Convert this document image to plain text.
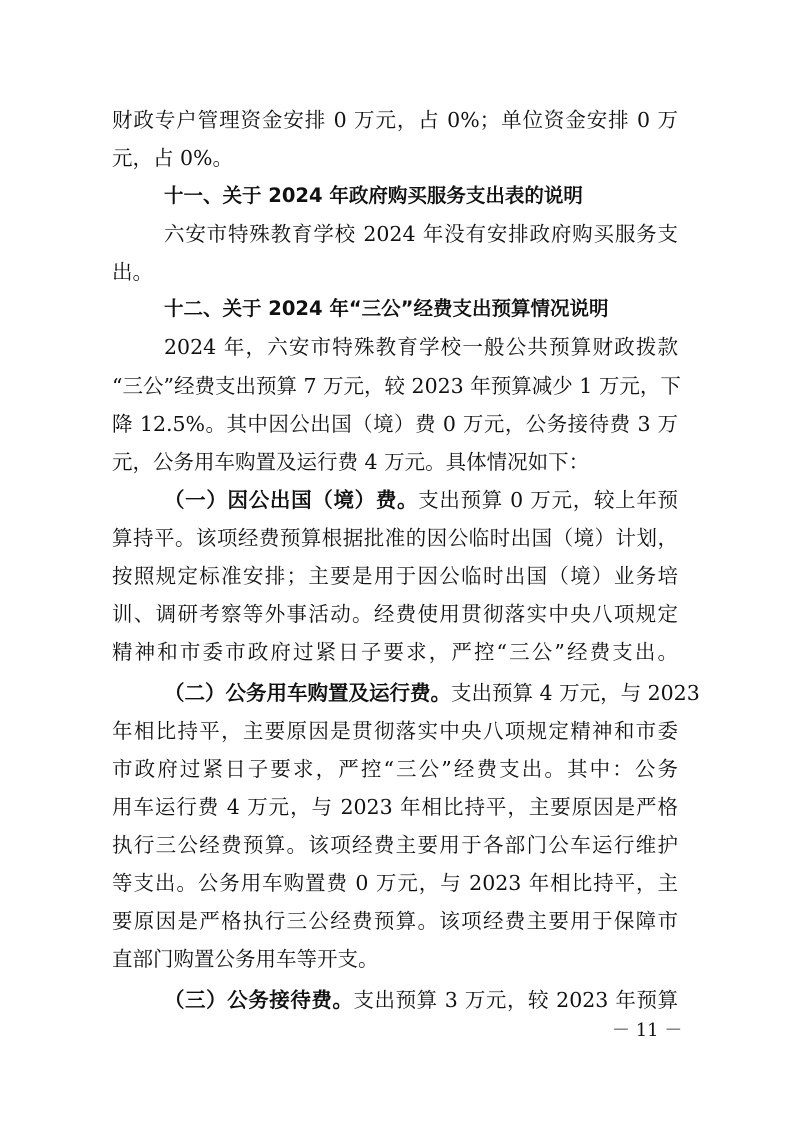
财政专户管理资金安排 0 万元，占 0%；单位资金安排 0 万
元，占 0%。
十一、关于 2024 年政府购买服务支出表的说明
六安市特殊教育学校 2024 年没有安排政府购买服务支
出。
十二、关于 2024 年“三公”经费支出预算情况说明
2024 年，六安市特殊教育学校一般公共预算财政拨款
“三公”经费支出预算 7 万元，较 2023 年预算减少 1 万元，下
降 12.5%。其中因公出国（境）费 0 万元，公务接待费 3 万
元，公务用车购置及运行费 4 万元。具体情况如下：
（一）因公出国（境）费。支出预算 0 万元，较上年预
算持平。该项经费预算根据批准的因公临时出国（境）计划，
按照规定标准安排；主要是用于因公临时出国（境）业务培
训、调研考察等外事活动。经费使用贯彻落实中央八项规定
精神和市委市政府过紧日子要求，严控“三公”经费支出。
（二）公务用车购置及运行费。支出预算 4 万元，与 2023
年相比持平，主要原因是贯彻落实中央八项规定精神和市委
市政府过紧日子要求，严控“三公”经费支出。其中：公务
用车运行费 4 万元，与 2023 年相比持平，主要原因是严格
执行三公经费预算。该项经费主要用于各部门公车运行维护
等支出。公务用车购置费 0 万元，与 2023 年相比持平，主
要原因是严格执行三公经费预算。该项经费主要用于保障市
直部门购置公务用车等开支。
（三）公务接待费。支出预算 3 万元，较 2023 年预算
－ 11 －
